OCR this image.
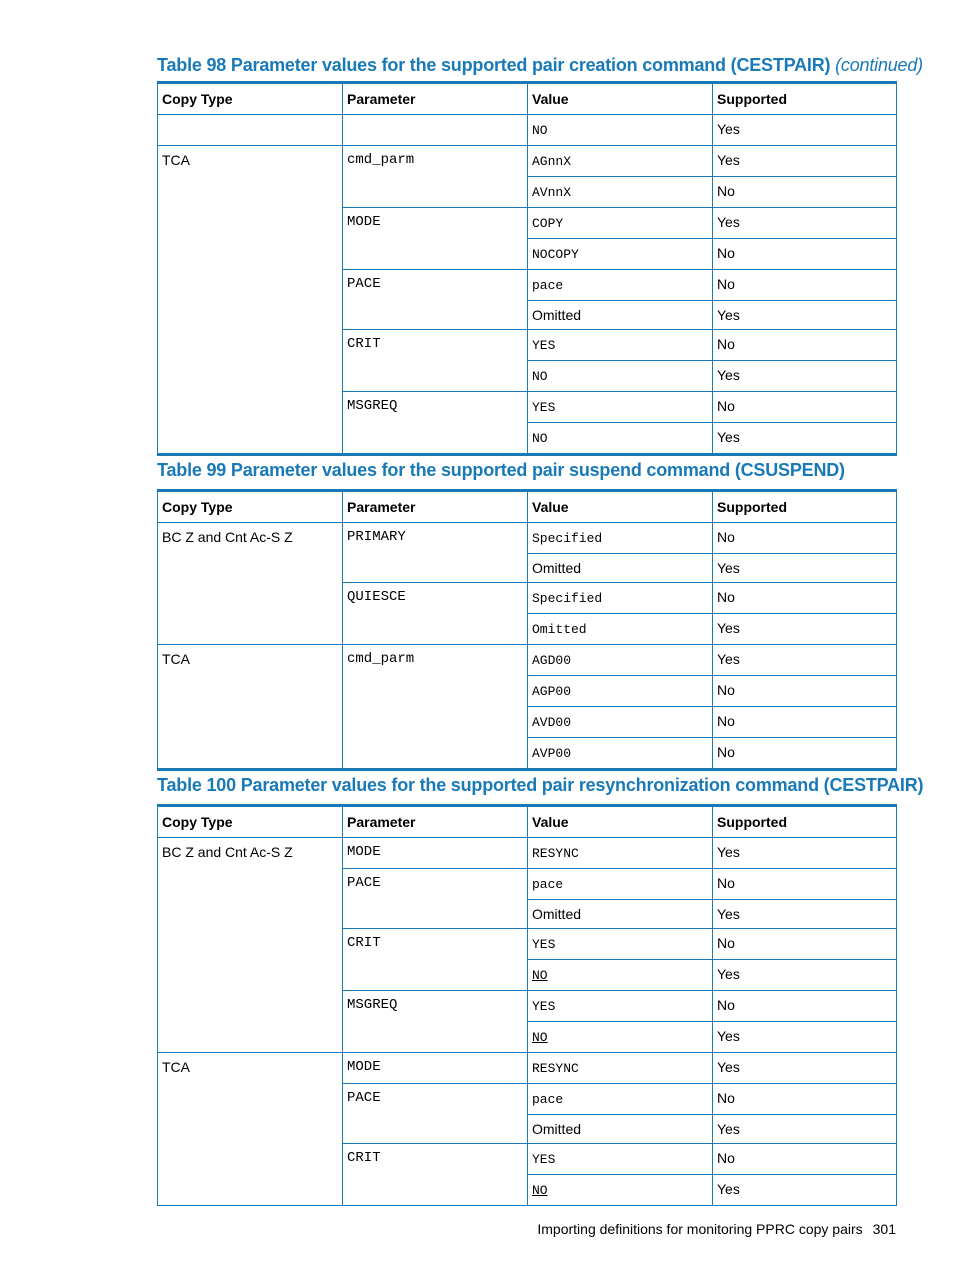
Table 98 Parameter values for the supported pair creation command (CESTPAIR) (continued)

Copy Type	Parameter	Value	Supported
		NO	Yes
TCA	cmd_parm	AGnnX	Yes
		AVnnX	No
	MODE	COPY	Yes
		NOCOPY	No
	PACE	pace	No
		Omitted	Yes
	CRIT	YES	No
		NO	Yes
	MSGREQ	YES	No
		NO	Yes

Table 99 Parameter values for the supported pair suspend command (CSUSPEND)

Copy Type	Parameter	Value	Supported
BC Z and Cnt Ac-S Z	PRIMARY	Specified	No
		Omitted	Yes
	QUIESCE	Specified	No
		Omitted	Yes
TCA	cmd_parm	AGD00	Yes
		AGP00	No
		AVD00	No
		AVP00	No

Table 100 Parameter values for the supported pair resynchronization command (CESTPAIR)

Copy Type	Parameter	Value	Supported
BC Z and Cnt Ac-S Z	MODE	RESYNC	Yes
	PACE	pace	No
		Omitted	Yes
	CRIT	YES	No
		NO	Yes
	MSGREQ	YES	No
		NO	Yes
TCA	MODE	RESYNC	Yes
	PACE	pace	No
		Omitted	Yes
	CRIT	YES	No
		NO	Yes
Importing definitions for monitoring PPRC copy pairs 301
